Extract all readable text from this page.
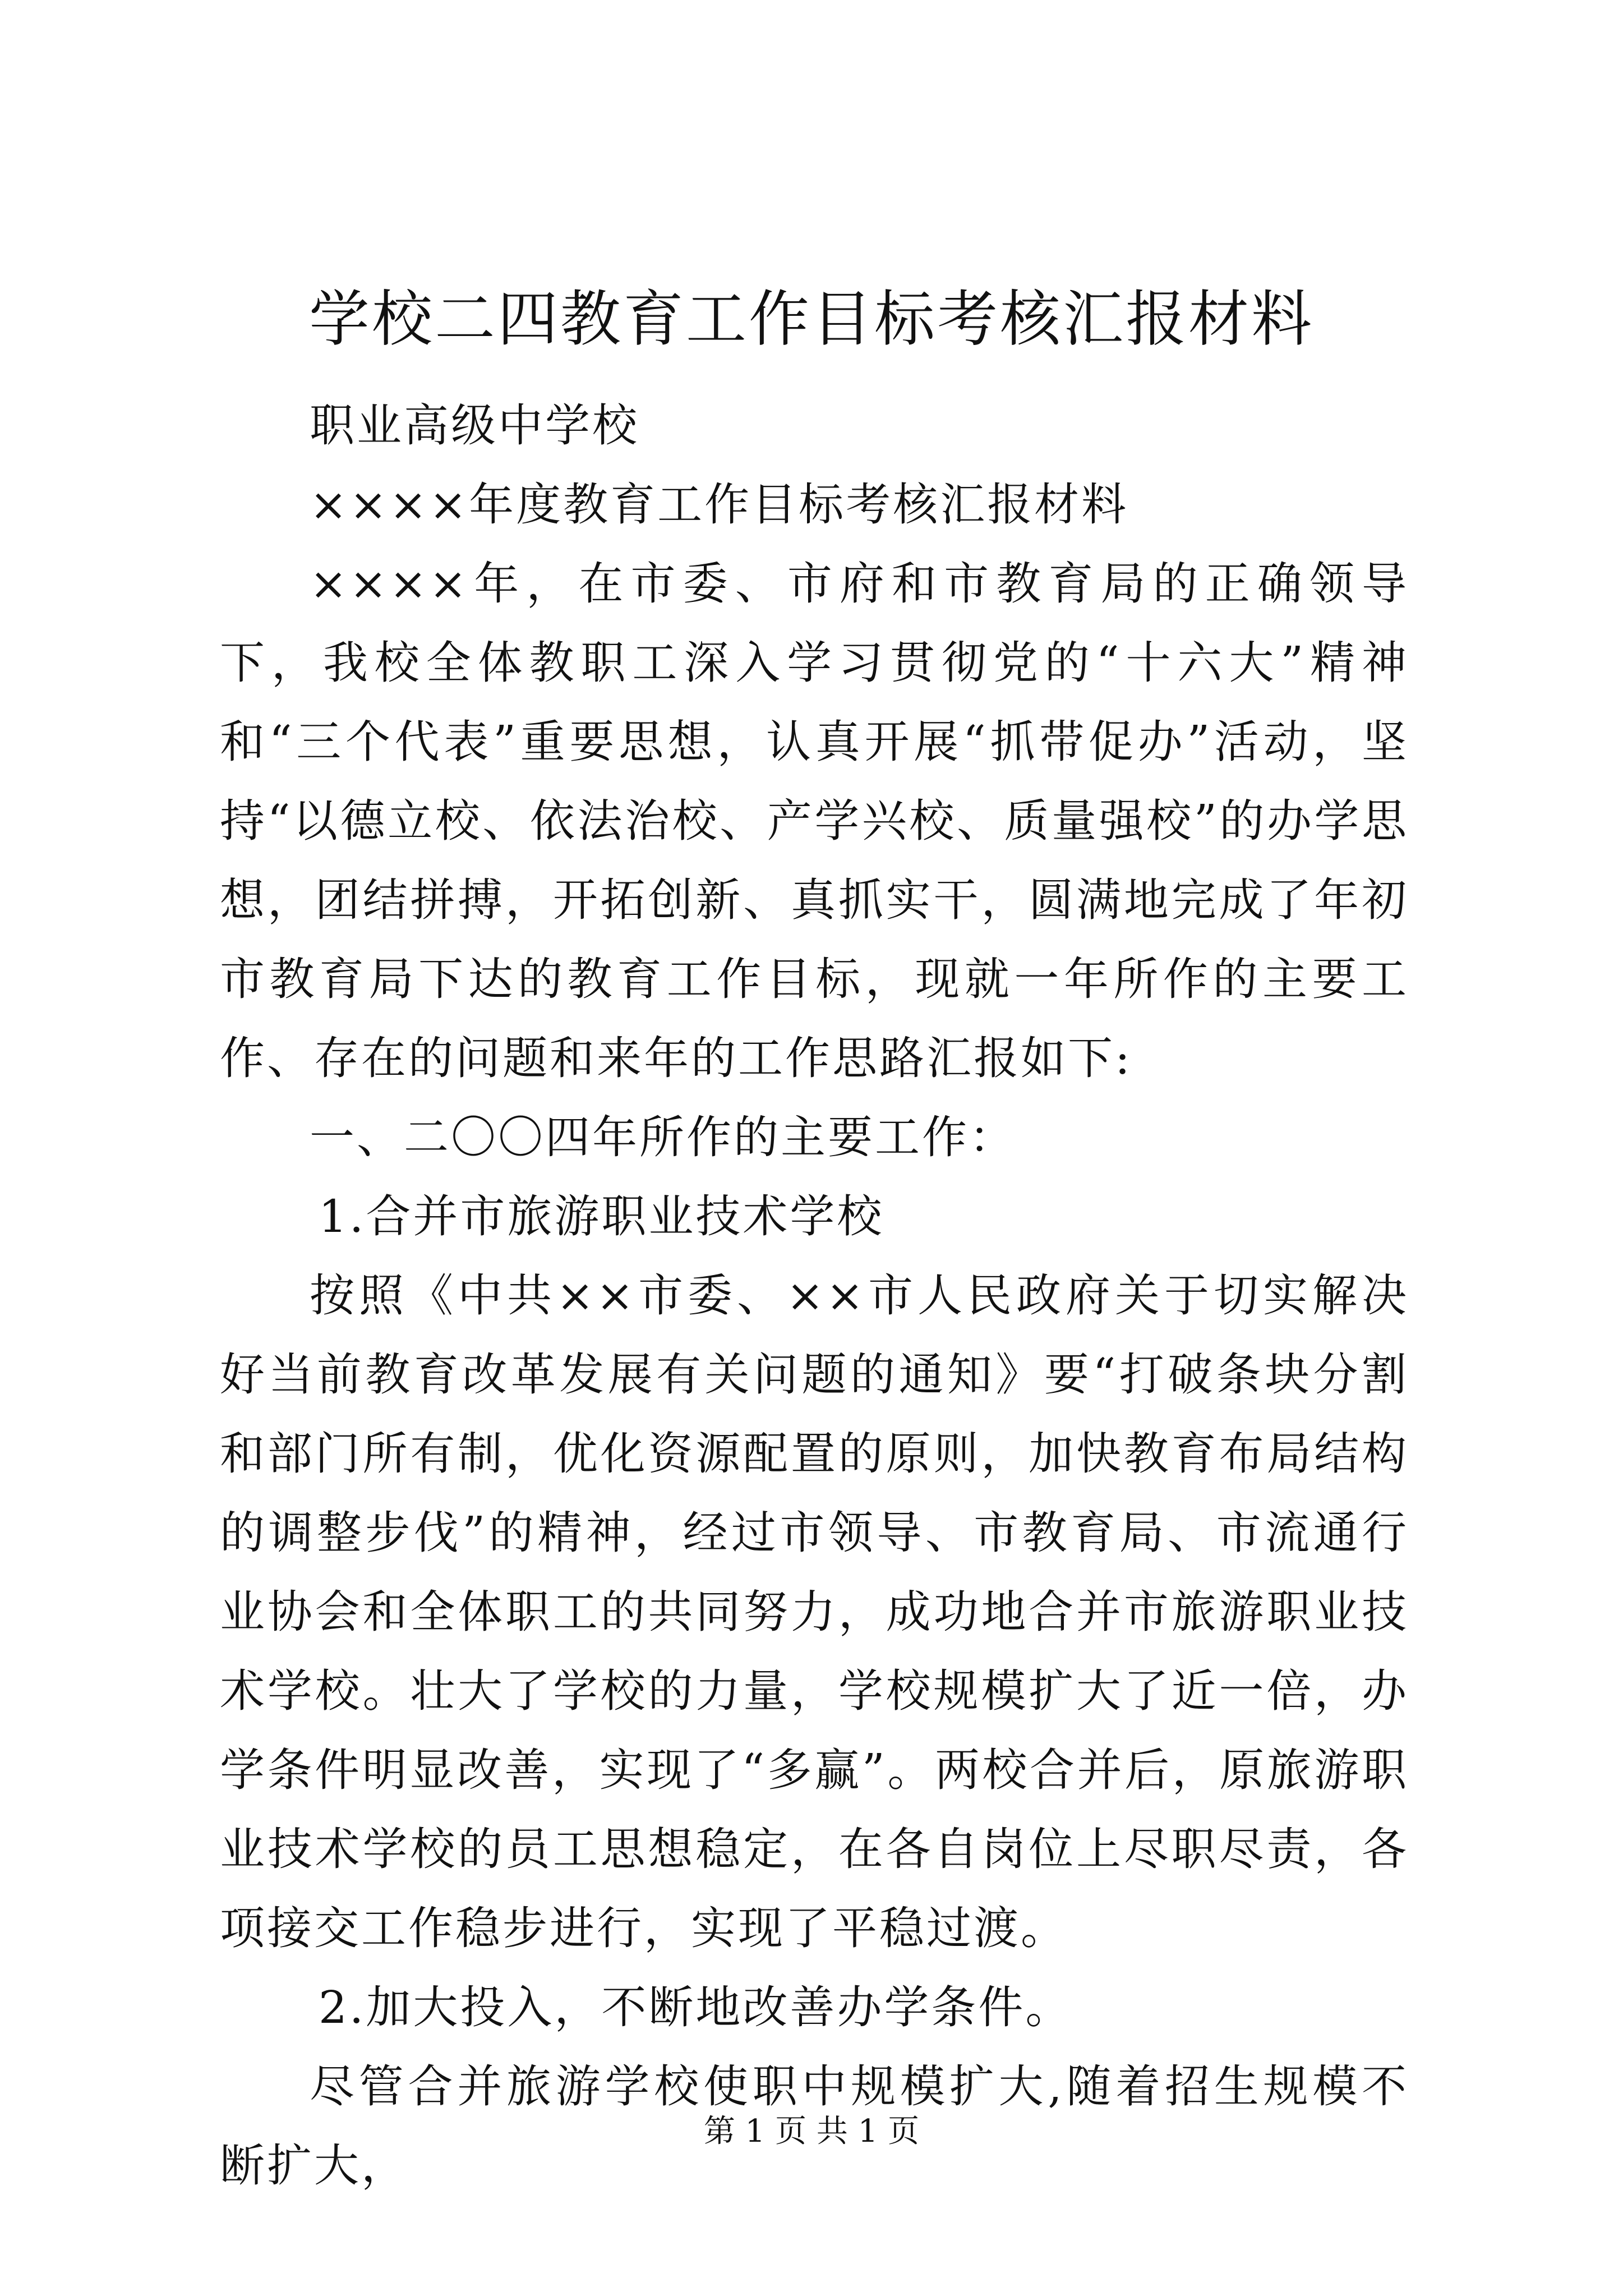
学校二四教育工作目标考核汇报材料

职业高级中学校

××××年度教育工作目标考核汇报材料

××××年，在市委、市府和市教育局的正确领导下，我校全体教职工深入学习贯彻党的“十六大”精神和“三个代表”重要思想，认真开展“抓带促办”活动，坚持“以德立校、依法治校、产学兴校、质量强校”的办学思想，团结拼搏，开拓创新、真抓实干，圆满地完成了年初市教育局下达的教育工作目标，现就一年所作的主要工作、存在的问题和来年的工作思路汇报如下:

一、二〇〇四年所作的主要工作：

1.合并市旅游职业技术学校

按照《中共××市委、××市人民政府关于切实解决好当前教育改革发展有关问题的通知》要“打破条块分割和部门所有制，优化资源配置的原则，加快教育布局结构的调整步伐”的精神，经过市领导、市教育局、市流通行业协会和全体职工的共同努力，成功地合并市旅游职业技术学校。壮大了学校的力量，学校规模扩大了近一倍，办学条件明显改善，实现了“多赢”。两校合并后，原旅游职业技术学校的员工思想稳定，在各自岗位上尽职尽责，各项接交工作稳步进行，实现了平稳过渡。

2.加大投入，不断地改善办学条件。

尽管合并旅游学校使职中规模扩大,随着招生规模不断扩大，

第 1 页 共 1 页
